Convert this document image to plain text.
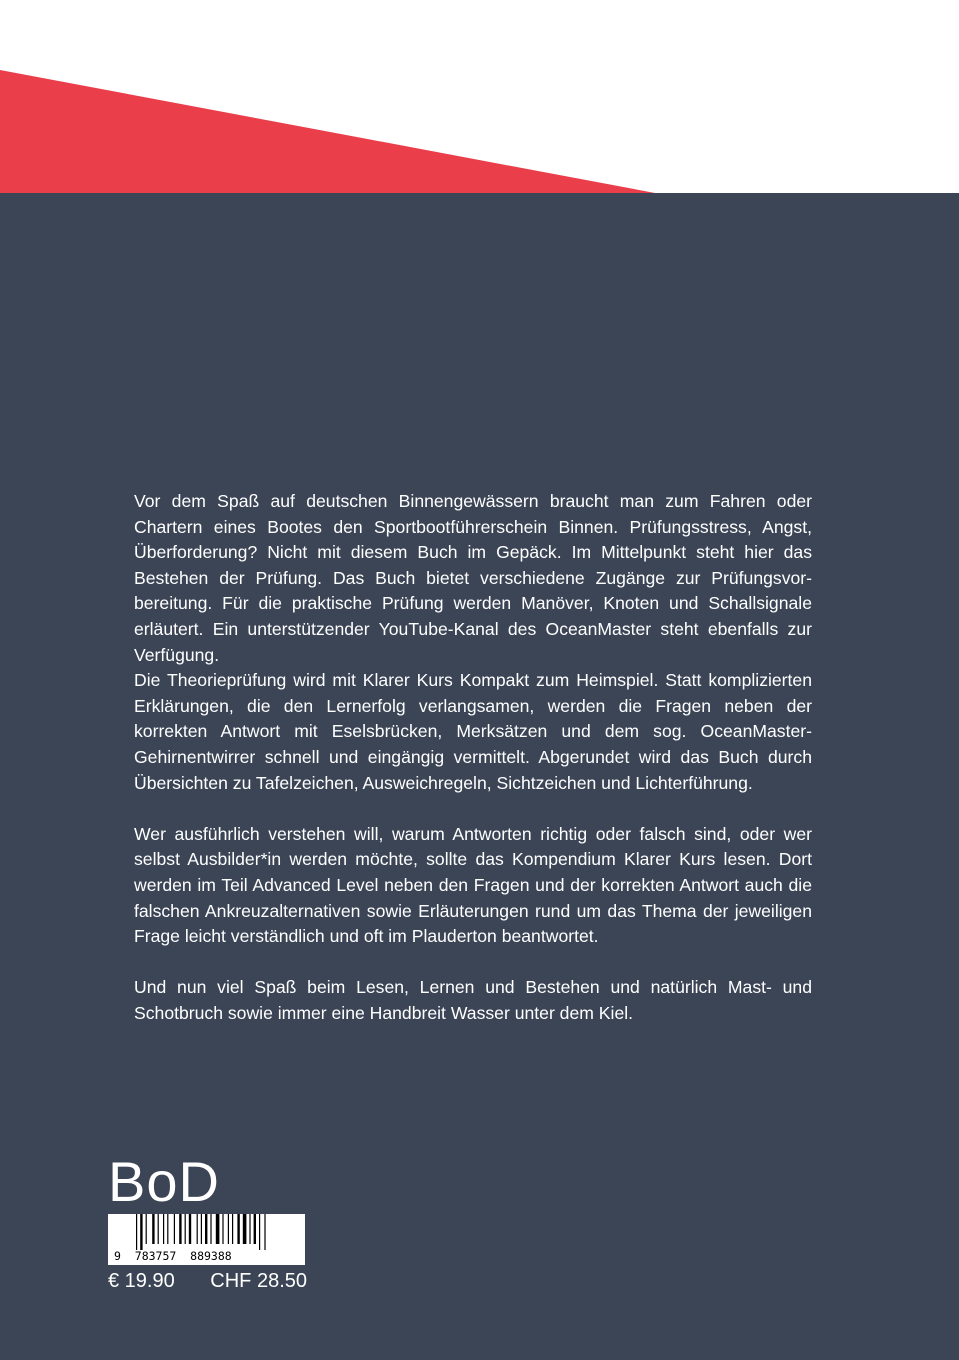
Vor dem Spaß auf deutschen Binnengewässern braucht man zum Fahren oder Chartern eines Bootes den Sportbootführerschein Binnen. Prüfungsstress, Angst, Überforderung? Nicht mit diesem Buch im Gepäck. Im Mittelpunkt steht hier das Bestehen der Prüfung. Das Buch bietet verschiedene Zugänge zur Prüfungsvorbereitung. Für die praktische Prüfung werden Manöver, Knoten und Schallsignale erläutert. Ein unterstützender YouTube-Kanal des OceanMaster steht ebenfalls zur Verfügung.

Die Theorieprüfung wird mit Klarer Kurs Kompakt zum Heimspiel. Statt komplizierten Erklärungen, die den Lernerfolg verlangsamen, werden die Fragen neben der korrekten Antwort mit Eselsbrücken, Merksätzen und dem sog. OceanMaster-Gehirnentwirrer schnell und eingängig vermittelt. Abgerundet wird das Buch durch Übersichten zu Tafelzeichen, Ausweichregeln, Sichtzeichen und Lichterführung.

Wer ausführlich verstehen will, warum Antworten richtig oder falsch sind, oder wer selbst Ausbilder*in werden möchte, sollte das Kompendium Klarer Kurs lesen. Dort werden im Teil Advanced Level neben den Fragen und der korrekten Antwort auch die falschen Ankreuzalternativen sowie Erläuterungen rund um das Thema der jeweiligen Frage leicht verständlich und oft im Plauderton beantwortet.

Und nun viel Spaß beim Lesen, Lernen und Bestehen und natürlich Mast- und Schotbruch sowie immer eine Handbreit Wasser unter dem Kiel.

BoD
9  783757  889388
€ 19.90 CHF 28.50
